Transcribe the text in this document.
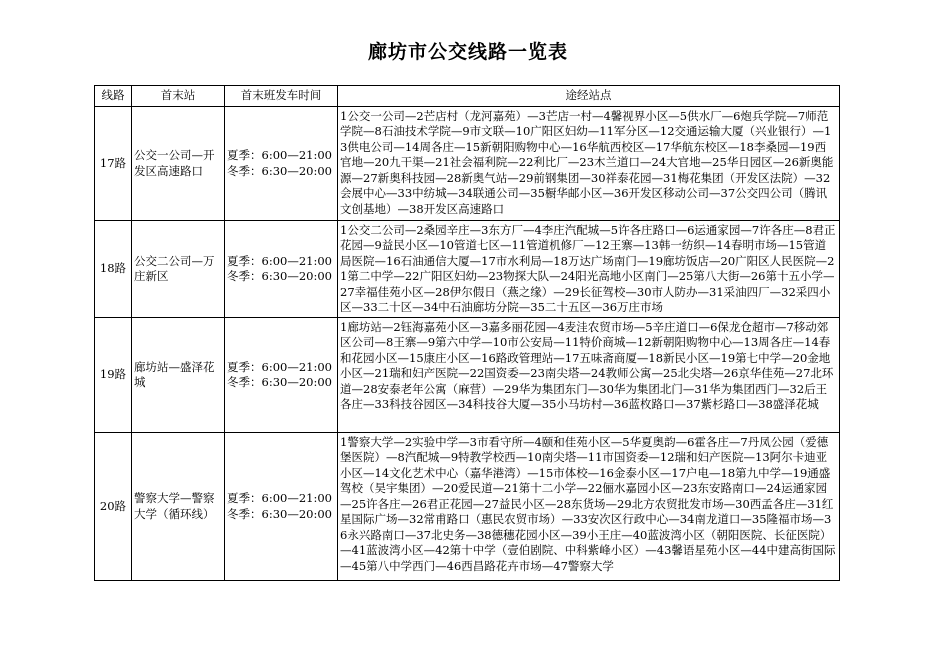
廊坊市公交线路一览表
线路	首末站	首末班发车时间	途经站点
17路	公交一公司—开发区高速路口	夏季：6:00—21:00
冬季：6:30—20:00	1公交一公司—2芒店村（龙河嘉苑）—3芒店一村—4馨视界小区—5供水厂—6炮兵学院—7师范学院—8石油技术学院—9市文联—10广阳区妇幼—11军分区—12交通运输大厦（兴业银行）—13供电公司—14周各庄—15新朝阳购物中心—16华航西校区—17华航东校区—18李桑园—19西官地—20九干渠—21社会福利院—22利比厂—23木兰道口—24大官地—25华日园区—26新奥能源—27新奥科技园—28新奥气站—29前钢集团—30祥泰花园—31梅花集团（开发区法院）—32会展中心—33中纺城—34联通公司—35橱华邮小区—36开发区移动公司—37公交四公司（腾讯文创基地）—38开发区高速路口

18路	公交二公司—万庄新区	夏季：6:00—21:00
冬季：6:30—20:00	1公交二公司—2桑园辛庄—3东方厂—4李庄汽配城—5许各庄路口—6运通家园—7许各庄—8君正花园—9益民小区—10管道七区—11管道机修厂—12王寨—13韩一纺织—14春明市场—15管道局医院—16石油通信大厦—17市水利局—18万达广场南门—19廊坊饭店—20广阳区人民医院—21第二中学—22广阳区妇幼—23物探大队—24阳光高地小区南门—25第八大街—26第十五小学—27幸福佳苑小区—28伊尔假日（燕之缘）—29长征驾校—30市人防办—31采油四厂—32采四小区—33二十区—34中石油廊坊分院—35二十五区—36万庄市场

19路	廊坊站—盛泽花城	夏季：6:00—21:00
冬季：6:30—20:00	1廊坊站—2钰海嘉苑小区—3嘉多丽花园—4麦洼农贸市场—5辛庄道口—6保龙仓超市—7移动郊区公司—8王寨—9第六中学—10市公安局—11特价商城—12新朝阳购物中心—13周各庄—14春和花园小区—15康庄小区—16路政管理站—17五味斋商厦—18新民小区—19第七中学—20金地小区—21瑞和妇产医院—22国资委—23南尖塔—24教师公寓—25北尖塔—26京华佳苑—27北环道—28安泰老年公寓（麻营）—29华为集团东门—30华为集团北门—31华为集团西门—32后王各庄—33科技谷园区—34科技谷大厦—35小马坊村—36蓝枚路口—37紫杉路口—38盛泽花城

20路	警察大学—警察大学（循环线）	夏季：6:00—21:00
冬季：6:30—20:00	1警察大学—2实验中学—3市看守所—4颐和佳苑小区—5华夏奥韵—6霍各庄—7丹凤公园（爱德堡医院）—8汽配城—9特教学校西—10南尖塔—11市国资委—12瑞和妇产医院—13阿尔卡迪亚小区—14文化艺术中心（嘉华港湾）—15市体校—16金泰小区—17户电—18第九中学—19通盛驾校（昊宇集团）—20爱民道—21第十二小学—22俪水嘉园小区—23东安路南口—24运通家园—25许各庄—26君正花园—27益民小区—28东货场—29北方农贸批发市场—30西孟各庄—31红星国际广场—32常甫路口（惠民农贸市场）—33安次区行政中心—34南龙道口—35隆福市场—36永兴路南口—37北史务—38德穗花园小区—39小王庄—40蓝波湾小区（朝阳医院、长征医院）—41蓝波湾小区—42第十中学（壹伯剧院、中科紫峰小区）—43馨语星苑小区—44中建高街国际—45第八中学西门—46西昌路花卉市场—47警察大学
